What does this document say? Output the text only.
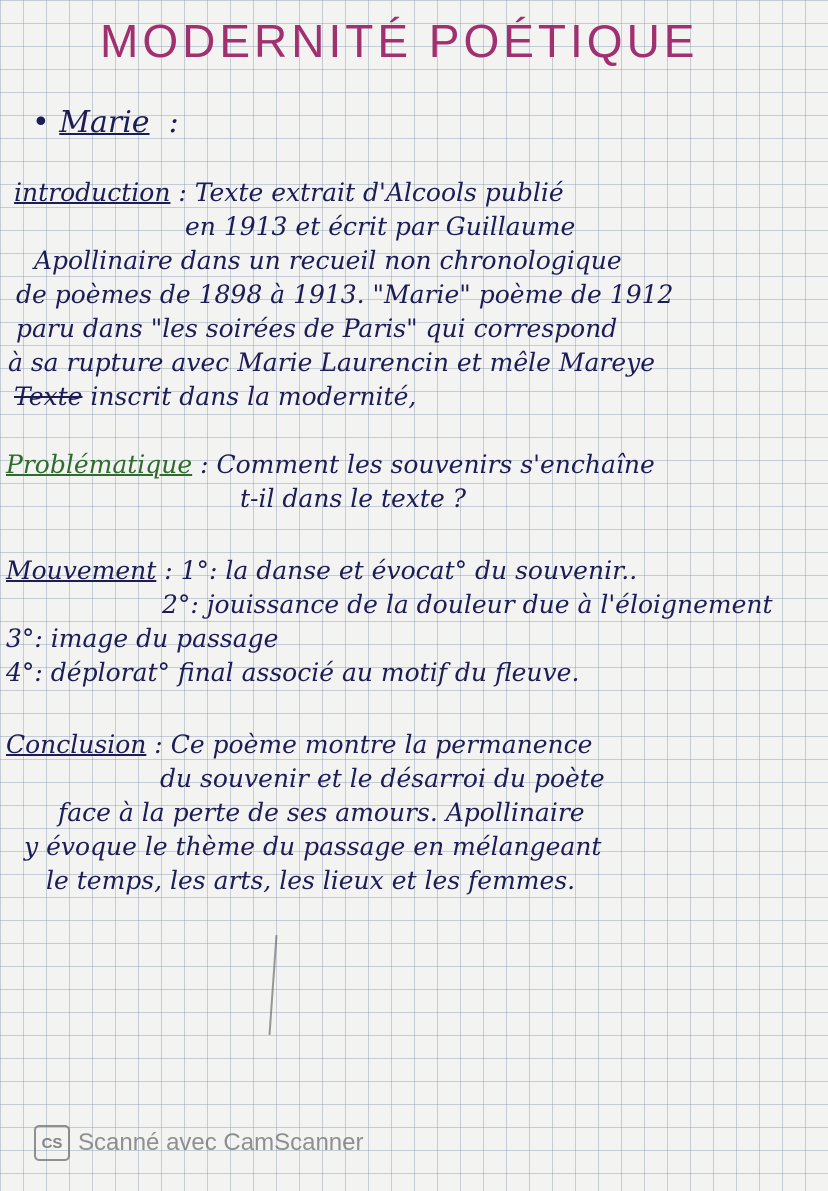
MODERNITÉ POÉTIQUE
• Marie  :
introduction : Texte extrait d'Alcools publié
en 1913 et écrit par Guillaume
Apollinaire dans un recueil non chronologique
de poèmes de 1898 à 1913. "Marie" poème de 1912
paru dans "les soirées de Paris" qui correspond
à sa rupture avec Marie Laurencin et mêle Mareye
Texte inscrit dans la modernité,
Problématique : Comment les souvenirs s'enchaîne
t-il dans le texte ?
Mouvement : 1°: la danse et évocat° du souvenir..
2°: jouissance de la douleur due à l'éloignement
3°: image du passage
4°: déplorat° final associé au motif du fleuve.
Conclusion : Ce poème montre la permanence
du souvenir et le désarroi du poète
face à la perte de ses amours. Apollinaire
y évoque le thème du passage en mélangeant
le temps, les arts, les lieux et les femmes.
CS Scanné avec CamScanner
